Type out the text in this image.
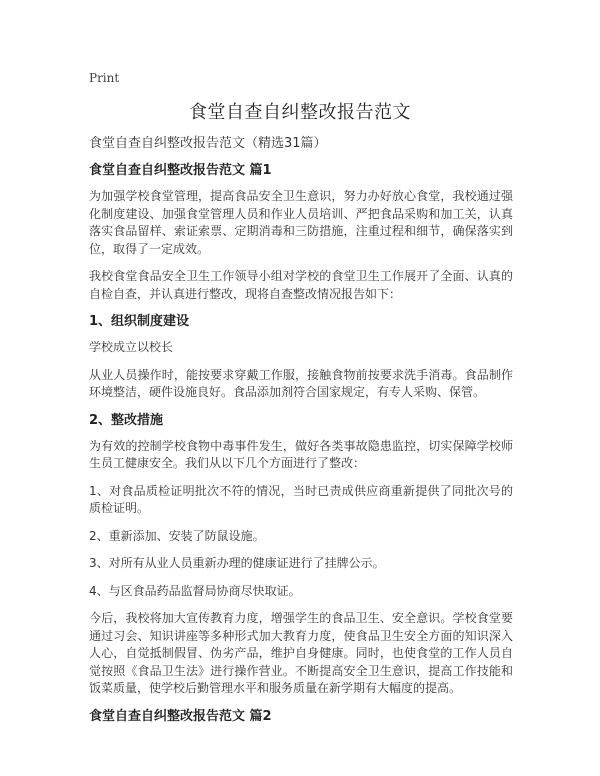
Print
食堂自查自纠整改报告范文
食堂自查自纠整改报告范文（精选31篇）
食堂自查自纠整改报告范文 篇1

为加强学校食堂管理，提高食品安全卫生意识，努力办好放心食堂，我校通过强化制度建设、加强食堂管理人员和作业人员培训、严把食品采购和加工关，认真落实食品留样、索证索票、定期消毒和三防措施，注重过程和细节，确保落实到位，取得了一定成效。

我校食堂食品安全卫生工作领导小组对学校的食堂卫生工作展开了全面、认真的自检自查，并认真进行整改，现将自查整改情况报告如下：

1、组织制度建设

学校成立以校长

从业人员操作时，能按要求穿戴工作服，接触食物前按要求洗手消毒。食品制作环境整洁，硬件设施良好。食品添加剂符合国家规定，有专人采购、保管。

2、整改措施

为有效的控制学校食物中毒事件发生，做好各类事故隐患监控，切实保障学校师生员工健康安全。我们从以下几个方面进行了整改：

1、对食品质检证明批次不符的情况，当时已责成供应商重新提供了同批次号的质检证明。

2、重新添加、安装了防鼠设施。

3、对所有从业人员重新办理的健康证进行了挂牌公示。

4、与区食品药品监督局协商尽快取证。

今后，我校将加大宣传教育力度，增强学生的食品卫生、安全意识。学校食堂要通过习会、知识讲座等多种形式加大教育力度，使食品卫生安全方面的知识深入人心，自觉抵制假冒、伪劣产品，维护自身健康。同时，也使食堂的工作人员自觉按照《食品卫生法》进行操作营业。不断提高安全卫生意识，提高工作技能和饭菜质量，使学校后勤管理水平和服务质量在新学期有大幅度的提高。

食堂自查自纠整改报告范文 篇2
